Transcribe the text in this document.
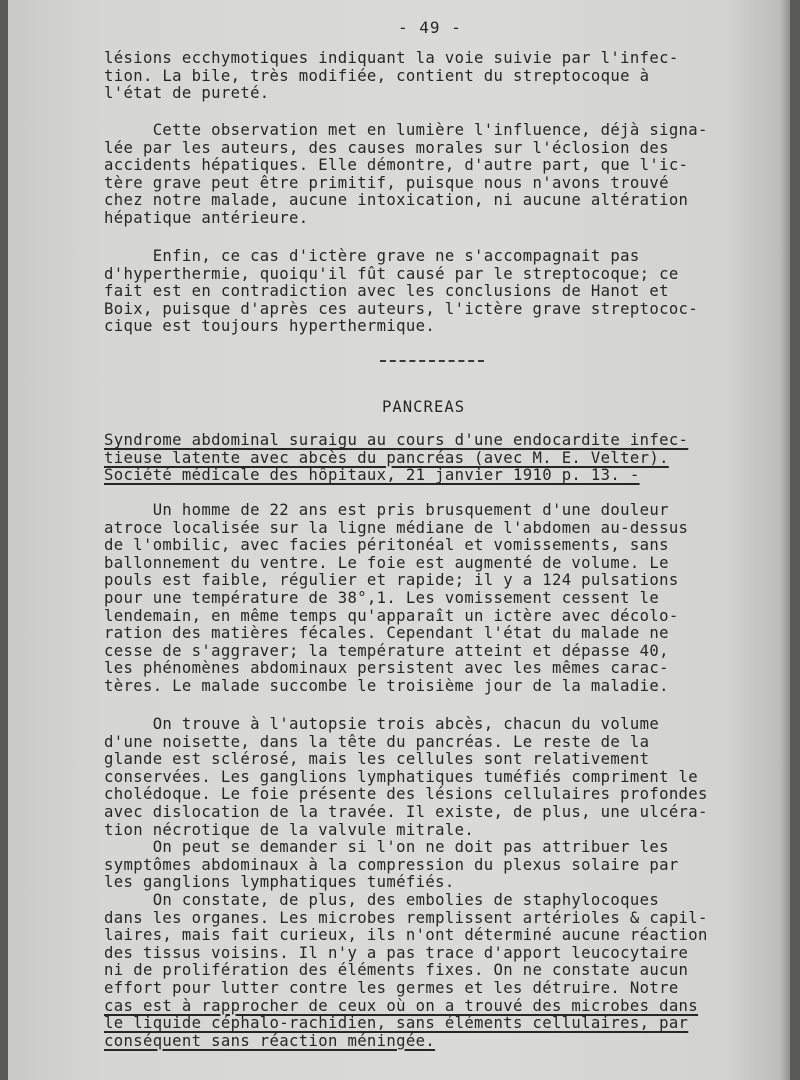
- 49 -
lésions ecchymotiques indiquant la voie suivie par l'infec-
tion. La bile, très modifiée, contient du streptocoque à
l'état de pureté.
Cette observation met en lumière l'influence, déjà signa-
lée par les auteurs, des causes morales sur l'éclosion des
accidents hépatiques. Elle démontre, d'autre part, que l'ic-
tère grave peut être primitif, puisque nous n'avons trouvé
chez notre malade, aucune intoxication, ni aucune altération
hépatique antérieure.
Enfin, ce cas d'ictère grave ne s'accompagnait pas
d'hyperthermie, quoiqu'il fût causé par le streptocoque; ce
fait est en contradiction avec les conclusions de Hanot et
Boix, puisque d'après ces auteurs, l'ictère grave streptococ-
cique est toujours hyperthermique.
PANCREAS
Syndrome abdominal suraigu au cours d'une endocardite infec-
tieuse latente avec abcès du pancréas (avec M. E. Velter).
Société médicale des hôpitaux, 21 janvier 1910 p. 13. -
Un homme de 22 ans est pris brusquement d'une douleur
atroce localisée sur la ligne médiane de l'abdomen au-dessus
de l'ombilic, avec facies péritonéal et vomissements, sans
ballonnement du ventre. Le foie est augmenté de volume. Le
pouls est faible, régulier et rapide; il y a 124 pulsations
pour une température de 38°,1. Les vomissement cessent le
lendemain, en même temps qu'apparaît un ictère avec décolo-
ration des matières fécales. Cependant l'état du malade ne
cesse de s'aggraver; la température atteint et dépasse 40,
les phénomènes abdominaux persistent avec les mêmes carac-
tères. Le malade succombe le troisième jour de la maladie.
On trouve à l'autopsie trois abcès, chacun du volume
d'une noisette, dans la tête du pancréas. Le reste de la
glande est sclérosé, mais les cellules sont relativement
conservées. Les ganglions lymphatiques tuméfiés compriment le
cholédoque. Le foie présente des lésions cellulaires profondes
avec dislocation de la travée. Il existe, de plus, une ulcéra-
tion nécrotique de la valvule mitrale.
On peut se demander si l'on ne doit pas attribuer les
symptômes abdominaux à la compression du plexus solaire par
les ganglions lymphatiques tuméfiés.
On constate, de plus, des embolies de staphylocoques
dans les organes. Les microbes remplissent artérioles & capil-
laires, mais fait curieux, ils n'ont déterminé aucune réaction
des tissus voisins. Il n'y a pas trace d'apport leucocytaire
ni de prolifération des éléments fixes. On ne constate aucun
effort pour lutter contre les germes et les détruire. Notre
cas est à rapprocher de ceux où on a trouvé des microbes dans
le liquide céphalo-rachidien, sans éléments cellulaires, par
conséquent sans réaction méningée.
